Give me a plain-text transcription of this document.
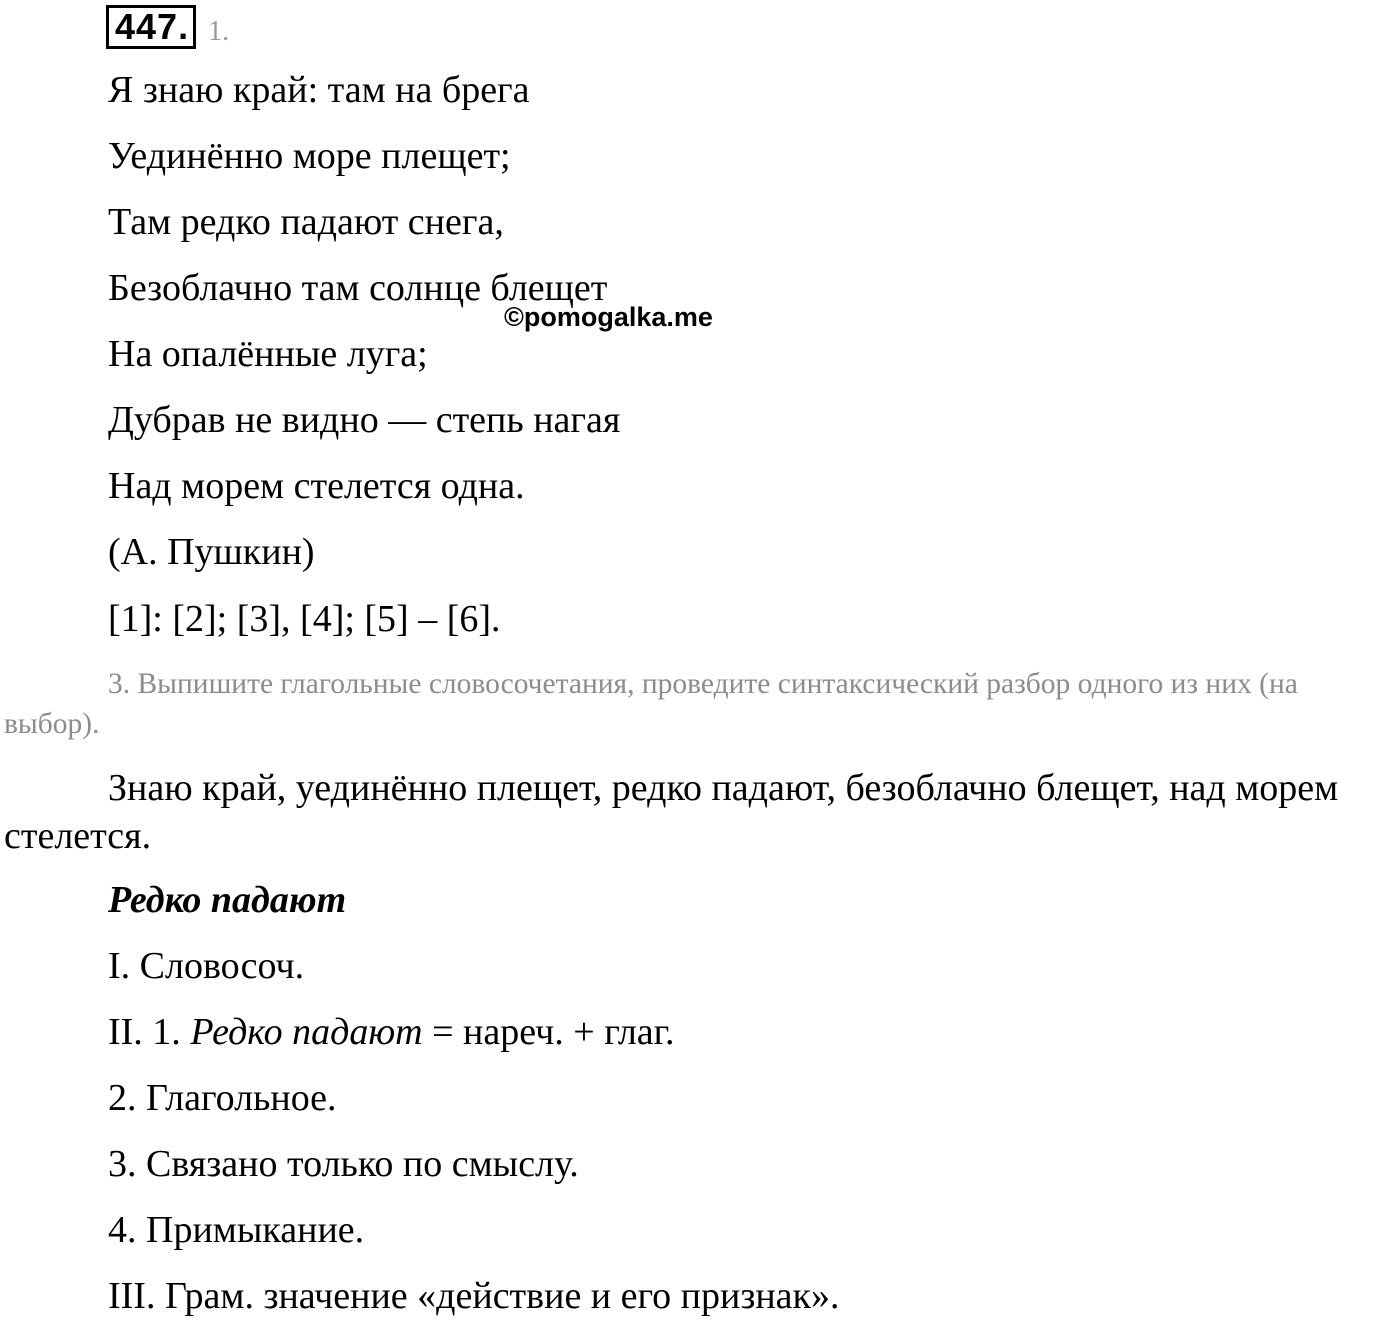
447. 1.
Я знаю край: там на брега
Уединённо море плещет;
Там редко падают снега,
Безоблачно там солнце блещет
©pomogalka.me
На опалённые луга;
Дубрав не видно — степь нагая
Над морем стелется одна.
(А. Пушкин)
[1]: [2]; [3], [4]; [5] – [6].
3. Выпишите глагольные словосочетания, проведите синтаксический разбор одного из них (на выбор).
Знаю край, уединённо плещет, редко падают, безоблачно блещет, над морем стелется.
Редко падают
I. Словосоч.
II. 1. Редко падают = нареч. + глаг.
2. Глагольное.
3. Связано только по смыслу.
4. Примыкание.
III. Грам. значение «действие и его признак».
